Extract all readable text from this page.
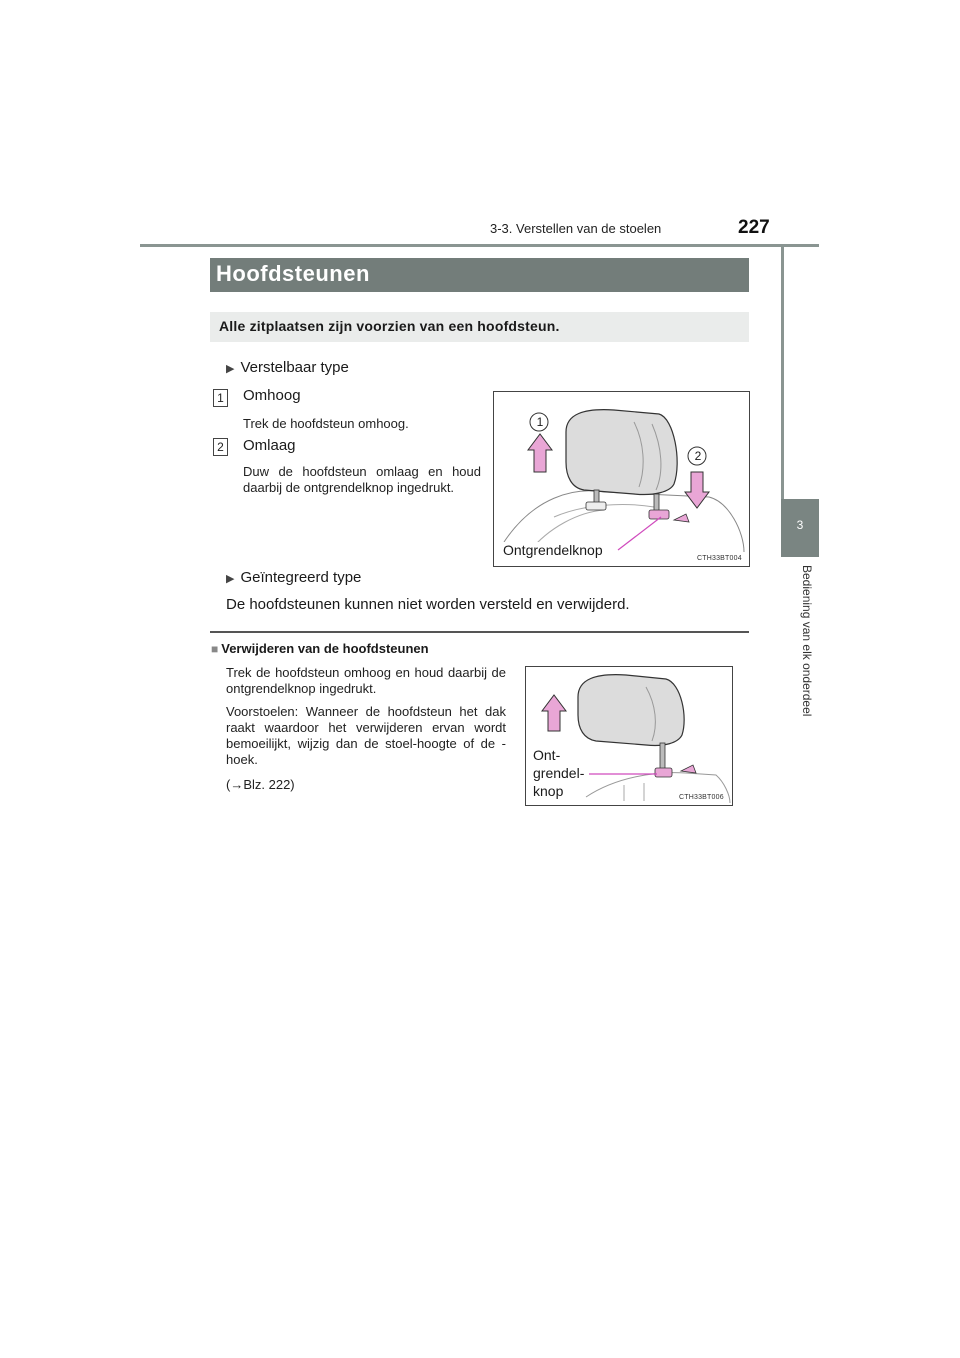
3-3. Verstellen van de stoelen	227
3
Bediening van elk onderdeel
Hoofdsteunen
Alle zitplaatsen zijn voorzien van een hoofdsteun.
▶ Verstelbaar type
1 Omhoog
Trek de hoofdsteun omhoog.
2 Omlaag
Duw de hoofdsteun omlaag en houd daarbij de ontgrendelknop ingedrukt.
1
2
Ontgrendelknop
CTH33BT004
▶ Geïntegreerd type
De hoofdsteunen kunnen niet worden versteld en verwijderd.
■ Verwijderen van de hoofdsteunen
Trek de hoofdsteun omhoog en houd daarbij de ontgrendelknop ingedrukt.
Voorstoelen: Wanneer de hoofdsteun het dak raakt waardoor het verwijderen ervan wordt bemoeilijkt, wijzig dan de stoel-hoogte of de -hoek.
(→Blz. 222)
Ont-
grendel-
knop	CTH33BT006
